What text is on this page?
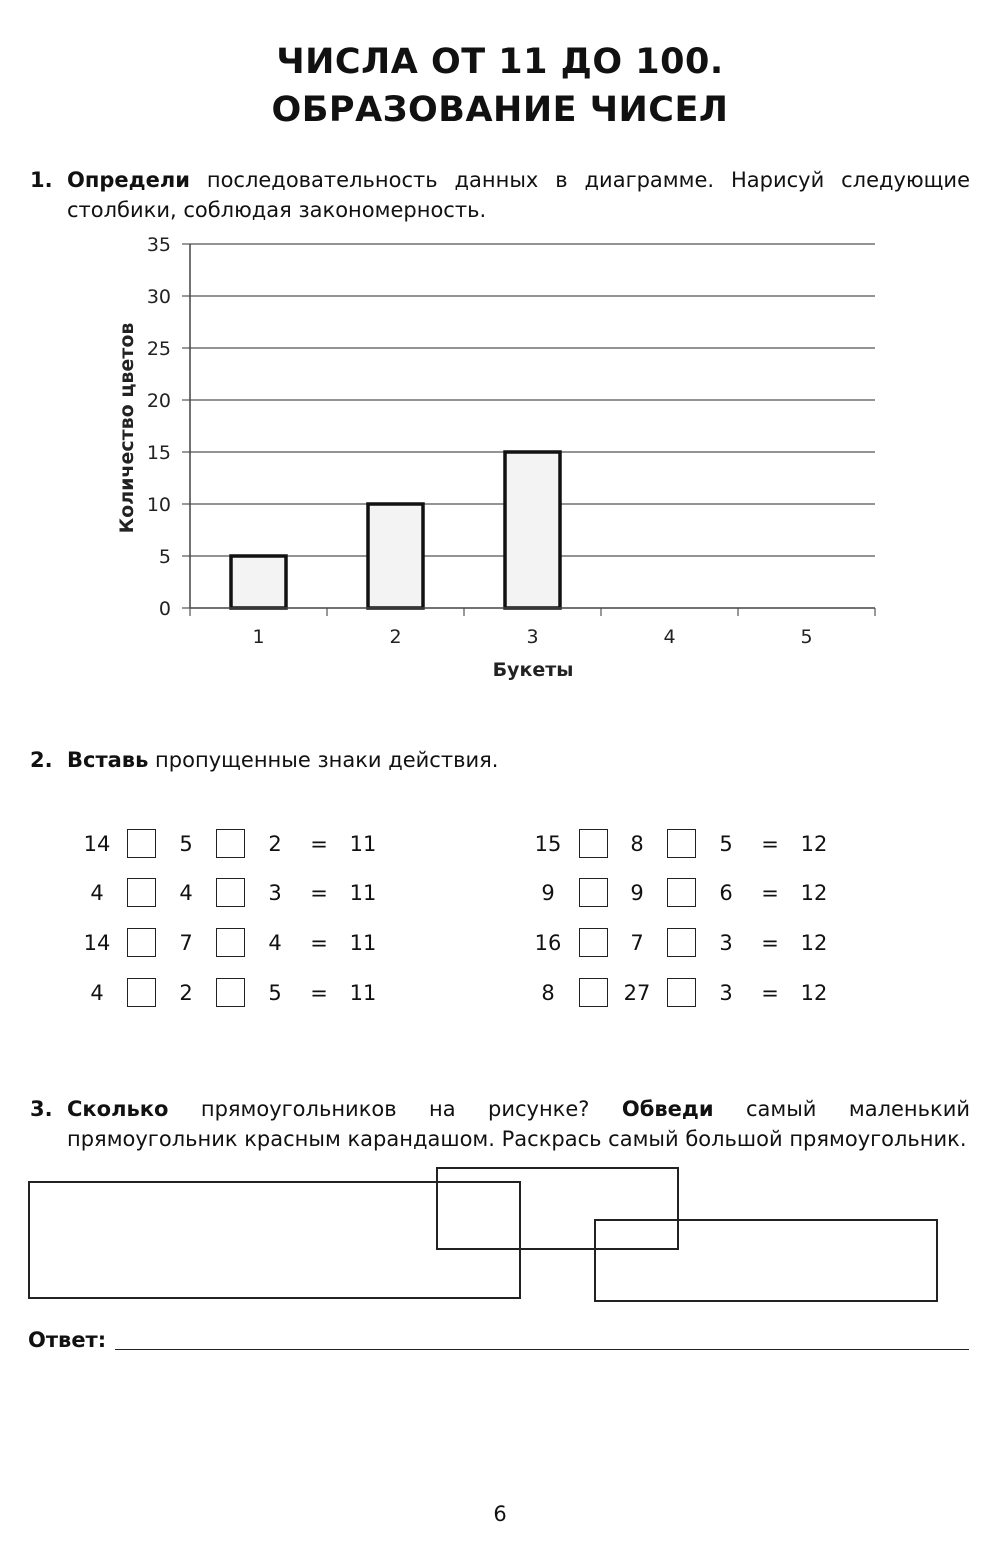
ЧИСЛА ОТ 11 ДО 100.
ОБРАЗОВАНИЕ ЧИСЕЛ
1. Определи последовательность данных в диаграмме. Нарисуй следующие столбики, соблюдая закономерность.
0
5
10
15
20
25
30
35
1	2	3	4	5
Количество цветов
Букеты
2. Вставь пропущенные знаки действия.
14	5	2	=	11
4	4	3	=	11
14	7	4	=	11
4	2	5	=	11
15	8	5	=	12
9	9	6	=	12
16	7	3	=	12
8	27	3	=	12
3. Сколько прямоугольников на рисунке? Обведи самый маленький прямоугольник красным карандашом. Раскрась самый большой прямоугольник.
Ответ:
6
